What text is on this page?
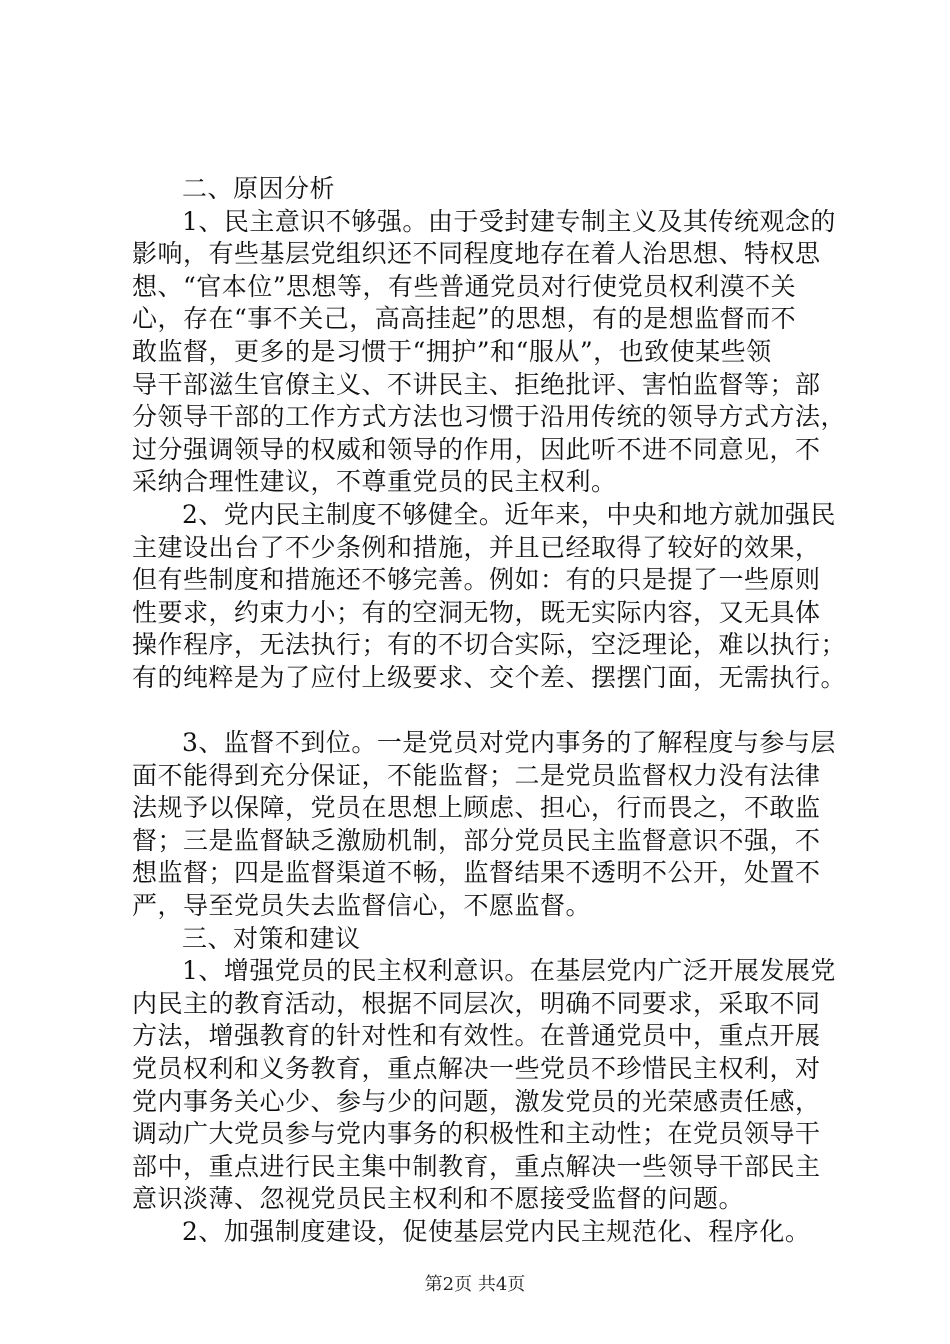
二、原因分析
1、民主意识不够强。由于受封建专制主义及其传统观念的
影响，有些基层党组织还不同程度地存在着人治思想、特权思
想、“官本位”思想等，有些普通党员对行使党员权利漠不关
心，存在“事不关己，高高挂起”的思想，有的是想监督而不
敢监督，更多的是习惯于“拥护”和“服从”，也致使某些领
导干部滋生官僚主义、不讲民主、拒绝批评、害怕监督等；部
分领导干部的工作方式方法也习惯于沿用传统的领导方式方法，
过分强调领导的权威和领导的作用，因此听不进不同意见，不
采纳合理性建议，不尊重党员的民主权利。
2、党内民主制度不够健全。近年来，中央和地方就加强民
主建设出台了不少条例和措施，并且已经取得了较好的效果，
但有些制度和措施还不够完善。例如：有的只是提了一些原则
性要求，约束力小；有的空洞无物，既无实际内容，又无具体
操作程序，无法执行；有的不切合实际，空泛理论，难以执行；
有的纯粹是为了应付上级要求、交个差、摆摆门面，无需执行。
3、监督不到位。一是党员对党内事务的了解程度与参与层
面不能得到充分保证，不能监督；二是党员监督权力没有法律
法规予以保障，党员在思想上顾虑、担心，行而畏之，不敢监
督；三是监督缺乏激励机制，部分党员民主监督意识不强，不
想监督；四是监督渠道不畅，监督结果不透明不公开，处置不
严，导至党员失去监督信心，不愿监督。
三、对策和建议
1、增强党员的民主权利意识。在基层党内广泛开展发展党
内民主的教育活动，根据不同层次，明确不同要求，采取不同
方法，增强教育的针对性和有效性。在普通党员中，重点开展
党员权利和义务教育，重点解决一些党员不珍惜民主权利，对
党内事务关心少、参与少的问题，激发党员的光荣感责任感，
调动广大党员参与党内事务的积极性和主动性；在党员领导干
部中，重点进行民主集中制教育，重点解决一些领导干部民主
意识淡薄、忽视党员民主权利和不愿接受监督的问题。
2、加强制度建设，促使基层党内民主规范化、程序化。
第2页 共4页
